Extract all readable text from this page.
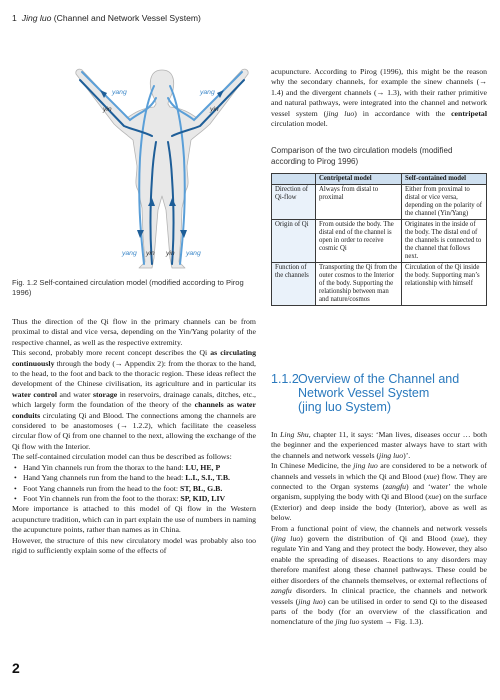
1 Jing luo (Channel and Network Vessel System)
yang	yang
yin	yin
yang yin yin yang
Fig. 1.2 Self-contained circulation model (modified according to Pirog 1996)

Thus the direction of the Qi flow in the primary channels can be from proximal to distal and vice versa, depending on the Yin/Yang polarity of the respective channel, as well as the respective extremity.

This second, probably more recent concept describes the Qi as circulating continuously through the body (→ Appendix 2): from the thorax to the hand, to the head, to the foot and back to the thoracic region. These ideas reflect the development of the Chinese civilisation, its agriculture and in particular its water control and water storage in reservoirs, drainage canals, ditches, etc., which largely form the foundation of the theory of the channels as water conduits circulating Qi and Blood. The connections among the channels are considered to be anastomoses (→ 1.2.2), which facilitate the ceaseless circular flow of Qi from one channel to the next, allowing the exchange of the Qi flow with the Interior.

The self-contained circulation model can thus be described as follows:

• Hand Yin channels run from the thorax to the hand: LU, HE, P
• Hand Yang channels run from the hand to the head: L.I., S.I., T.B.
• Foot Yang channels run from the head to the foot: ST, BL, G.B.
• Foot Yin channels run from the foot to the thorax: SP, KID, LIV

More importance is attached to this model of Qi flow in the Western acupuncture tradition, which can in part explain the use of numbers in naming the acupuncture points, rather than names as in China.

However, the structure of this new circulatory model was probably also too rigid to sufficiently explain some of the effects of

acupuncture. According to Pirog (1996), this might be the reason why the secondary channels, for example the sinew channels (→ 1.4) and the divergent channels (→ 1.3), with their rather primitive and natural pathways, were integrated into the channel and network vessel system (jing luo) in accordance with the centripetal circulation model.

Comparison of the two circulation models (modified according to Pirog 1996)
	Centripetal model	Self-contained model
Direction of Qi-flow	Always from distal to proximal	Either from proximal to distal or vice versa, depending on the polarity of the channel (Yin/Yang)
Origin of Qi	From outside the body. The distal end of the channel is open in order to receive cosmic Qi	Originates in the inside of the body. The distal end of the channels is connected to the channel that follows next.
Function of the channels	Transporting the Qi from the outer cosmos to the Interior of the body. Supporting the relationship between man and nature/cosmos	Circulation of the Qi inside the body. Supporting man’s relationship with himself
1.1.2Overview of the Channel and
Network Vessel System
(jing luo System)

In Ling Shu, chapter 11, it says: ‘Man lives, diseases occur … both the beginner and the experienced master always have to start with the channels and network vessels (jing luo)’.

In Chinese Medicine, the jing luo are considered to be a network of channels and vessels in which the Qi and Blood (xue) flow. They are connected to the Organ systems (zangfu) and ‘water’ the whole organism, supplying the body with Qi and Blood (xue) on the surface (Exterior) and deep inside the body (Interior), above as well as below.

From a functional point of view, the channels and network vessels (jing luo) govern the distribution of Qi and Blood (xue), they regulate Yin and Yang and they protect the body. However, they also enable the spreading of diseases. Reactions to any disorders may therefore manifest along these channel pathways. These could be either disorders of the channels themselves, or external reflections of zangfu disorders. In clinical practice, the channels and network vessels (jing luo) can be utilised in order to send Qi to the diseased parts of the body (for an overview of the classification and nomenclature of the jing luo system → Fig. 1.3).

2
